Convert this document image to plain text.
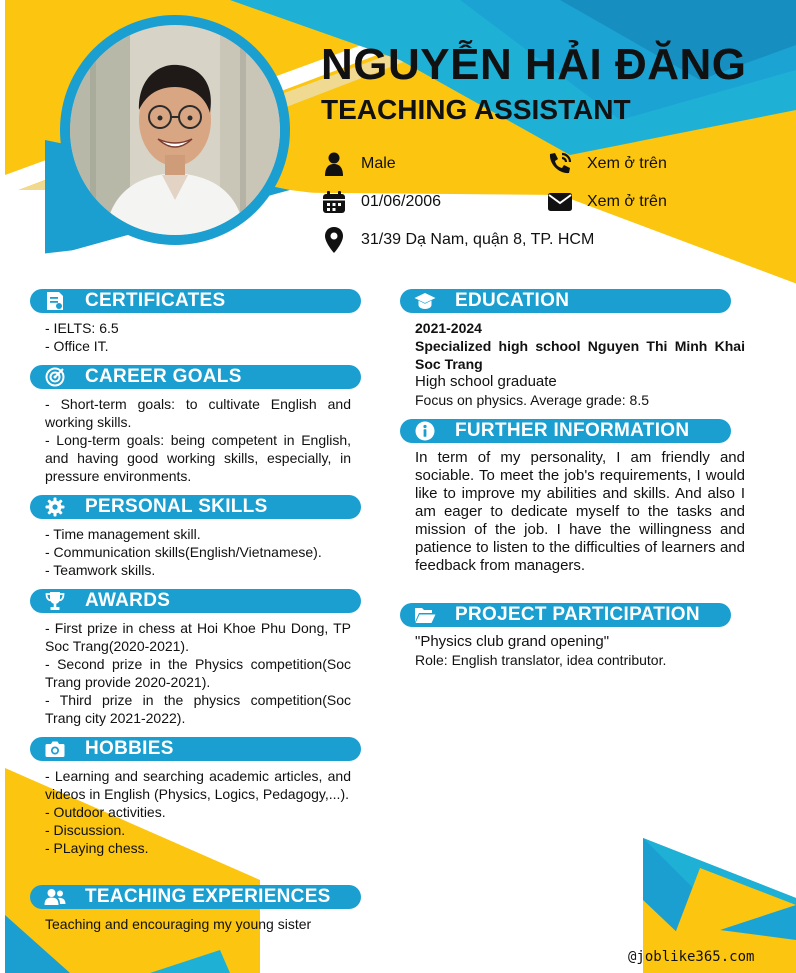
NGUYỄN HẢI ĐĂNG
TEACHING ASSISTANT
Male	Xem ở trên
01/06/2006	Xem ở trên
31/39 Dạ Nam, quận 8, TP. HCM
CERTIFICATES
- IELTS: 6.5
- Office IT.
CAREER GOALS
- Short-term goals: to cultivate English and working skills.
- Long-term goals: being competent in English, and having good working skills, especially, in pressure environments.
PERSONAL SKILLS
- Time management skill.
- Communication skills(English/Vietnamese).
- Teamwork skills.
AWARDS
- First prize in chess at Hoi Khoe Phu Dong, TP Soc Trang(2020-2021).
- Second prize in the Physics competition(Soc Trang provide 2020-2021).
- Third prize in the physics competition(Soc Trang city 2021-2022).
HOBBIES
- Learning and searching academic articles, and videos in English (Physics, Logics, Pedagogy,...).
- Outdoor activities.
- Discussion.
- PLaying chess.
TEACHING EXPERIENCES
Teaching and encouraging my young sister
EDUCATION
2021-2024
Specialized high school Nguyen Thi Minh Khai Soc Trang
High school graduate
Focus on physics. Average grade: 8.5
FURTHER INFORMATION
In term of my personality, I am friendly and sociable. To meet the job's requirements, I would like to improve my abilities and skills. And also I am eager to dedicate myself to the tasks and mission of the job. I have the willingness and patience to listen to the difficulties of learners and feedback from managers.
PROJECT PARTICIPATION
"Physics club grand opening"
Role: English translator, idea contributor.
@joblike365.com
